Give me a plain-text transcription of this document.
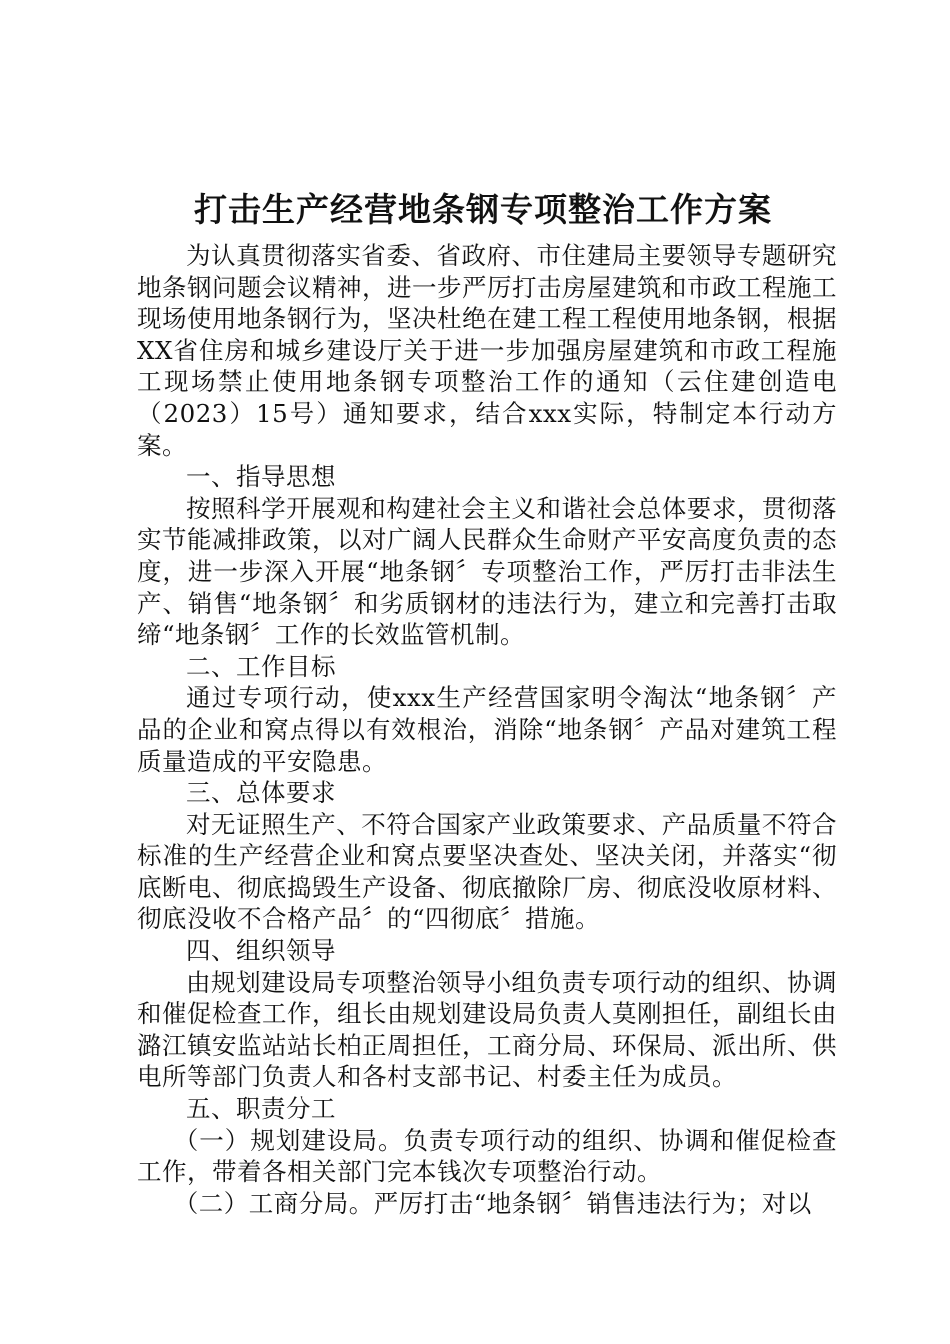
打击生产经营地条钢专项整治工作方案

为认真贯彻落实省委、省政府、市住建局主要领导专题研究地条钢问题会议精神，进一步严厉打击房屋建筑和市政工程施工现场使用地条钢行为，坚决杜绝在建工程工程使用地条钢，根据XX省住房和城乡建设厅关于进一步加强房屋建筑和市政工程施工现场禁止使用地条钢专项整治工作的通知（云住建创造电（2023）15号）通知要求，结合xxx实际，特制定本行动方案。

一、指导思想

按照科学开展观和构建社会主义和谐社会总体要求，贯彻落实节能减排政策，以对广阔人民群众生命财产平安高度负责的态度，进一步深入开展“地条钢〞专项整治工作，严厉打击非法生产、销售“地条钢〞和劣质钢材的违法行为，建立和完善打击取缔“地条钢〞工作的长效监管机制。

二、工作目标

通过专项行动，使xxx生产经营国家明令淘汰“地条钢〞产品的企业和窝点得以有效根治，消除“地条钢〞产品对建筑工程质量造成的平安隐患。

三、总体要求

对无证照生产、不符合国家产业政策要求、产品质量不符合标准的生产经营企业和窝点要坚决查处、坚决关闭，并落实“彻底断电、彻底捣毁生产设备、彻底撤除厂房、彻底没收原材料、彻底没收不合格产品〞的“四彻底〞措施。

四、组织领导

由规划建设局专项整治领导小组负责专项行动的组织、协调和催促检查工作，组长由规划建设局负责人莫刚担任，副组长由潞江镇安监站站长柏正周担任，工商分局、环保局、派出所、供电所等部门负责人和各村支部书记、村委主任为成员。

五、职责分工

（一）规划建设局。负责专项行动的组织、协调和催促检查工作，带着各相关部门完本钱次专项整治行动。

（二）工商分局。严厉打击“地条钢〞销售违法行为；对以
